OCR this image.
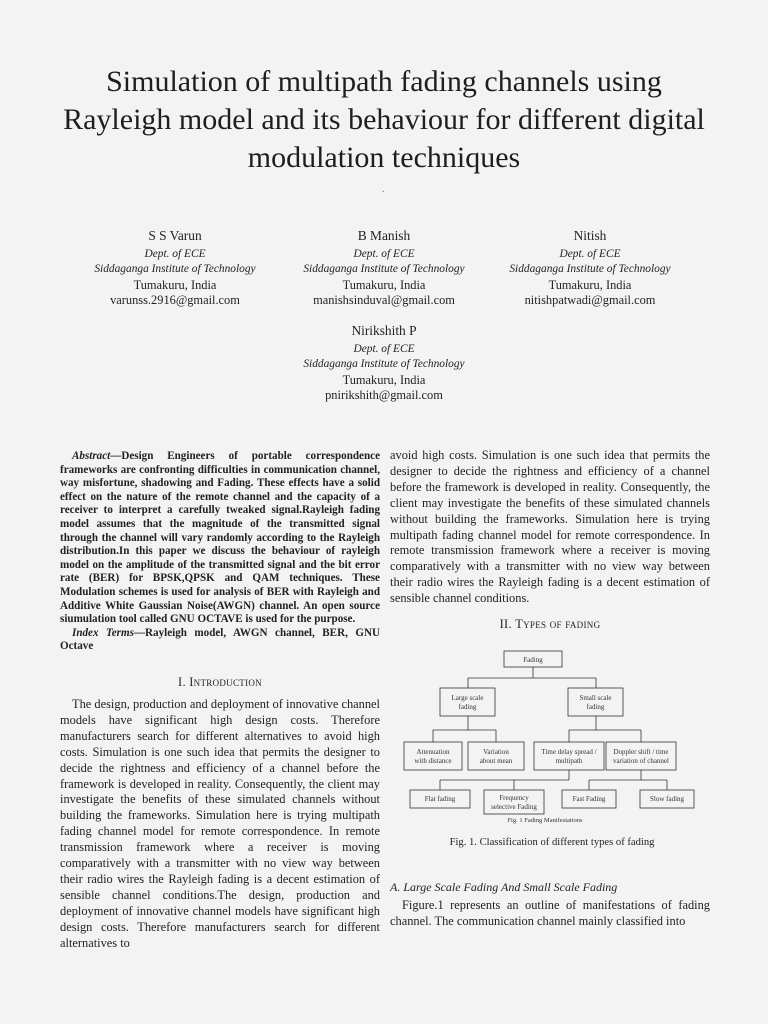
Simulation of multipath fading channels using Rayleigh model and its behaviour for different digital modulation techniques
.
S S Varun
Dept. of ECE
Siddaganga Institute of Technology
Tumakuru, India
varunss.2916@gmail.com
B Manish
Dept. of ECE
Siddaganga Institute of Technology
Tumakuru, India
manishsinduval@gmail.com
Nitish
Dept. of ECE
Siddaganga Institute of Technology
Tumakuru, India
nitishpatwadi@gmail.com
Nirikshith P
Dept. of ECE
Siddaganga Institute of Technology
Tumakuru, India
pnirikshith@gmail.com

Abstract—Design Engineers of portable correspondence frameworks are confronting difficulties in communication channel, way misfortune, shadowing and Fading. These effects have a solid effect on the nature of the remote channel and the capacity of a receiver to interpret a carefully tweaked signal.Rayleigh fading model assumes that the magnitude of the transmitted signal through the channel will vary randomly according to the Rayleigh distribution.In this paper we discuss the behaviour of rayleigh model on the amplitude of the transmitted signal and the bit error rate (BER) for BPSK,QPSK and QAM techniques. These Modulation schemes is used for analysis of BER with Rayleigh and Additive White Gaussian Noise(AWGN) channel. An open source siumulation tool called GNU OCTAVE is used for the purpose.

Index Terms—Rayleigh model, AWGN channel, BER, GNU Octave

I. Introduction

The design, production and deployment of innovative channel models have significant high design costs. Therefore manufacturers search for different alternatives to avoid high costs. Simulation is one such idea that permits the designer to decide the rightness and efficiency of a channel before the framework is developed in reality. Consequently, the client may investigate the benefits of these simulated channels without building the frameworks. Simulation here is trying multipath fading channel model for remote correspondence. In remote transmission framework where a receiver is moving comparatively with a transmitter with no view way between their radio wires the Rayleigh fading is a decent estimation of sensible channel conditions.The design, production and deployment of innovative channel models have significant high design costs. Therefore manufacturers search for different alternatives to

avoid high costs. Simulation is one such idea that permits the designer to decide the rightness and efficiency of a channel before the framework is developed in reality. Consequently, the client may investigate the benefits of these simulated channels without building the frameworks. Simulation here is trying multipath fading channel model for remote correspondence. In remote transmission framework where a receiver is moving comparatively with a transmitter with no view way between their radio wires the Rayleigh fading is a decent estimation of sensible channel conditions.

II. Types of fading
Fading
Large scale
fading
Small scale
fading
Attenuation
with distance
Variation
about mean
Time delay spread /
multipath
Doppler shift / time
variation of channel
Flat fading	Frequency
selective Fading
Fast Fading	Slow fading
Fig. 1 Fading Manifestations
Fig. 1. Classification of different types of fading
A. Large Scale Fading And Small Scale Fading

Figure.1 represents an outline of manifestations of fading channel. The communication channel mainly classified into
